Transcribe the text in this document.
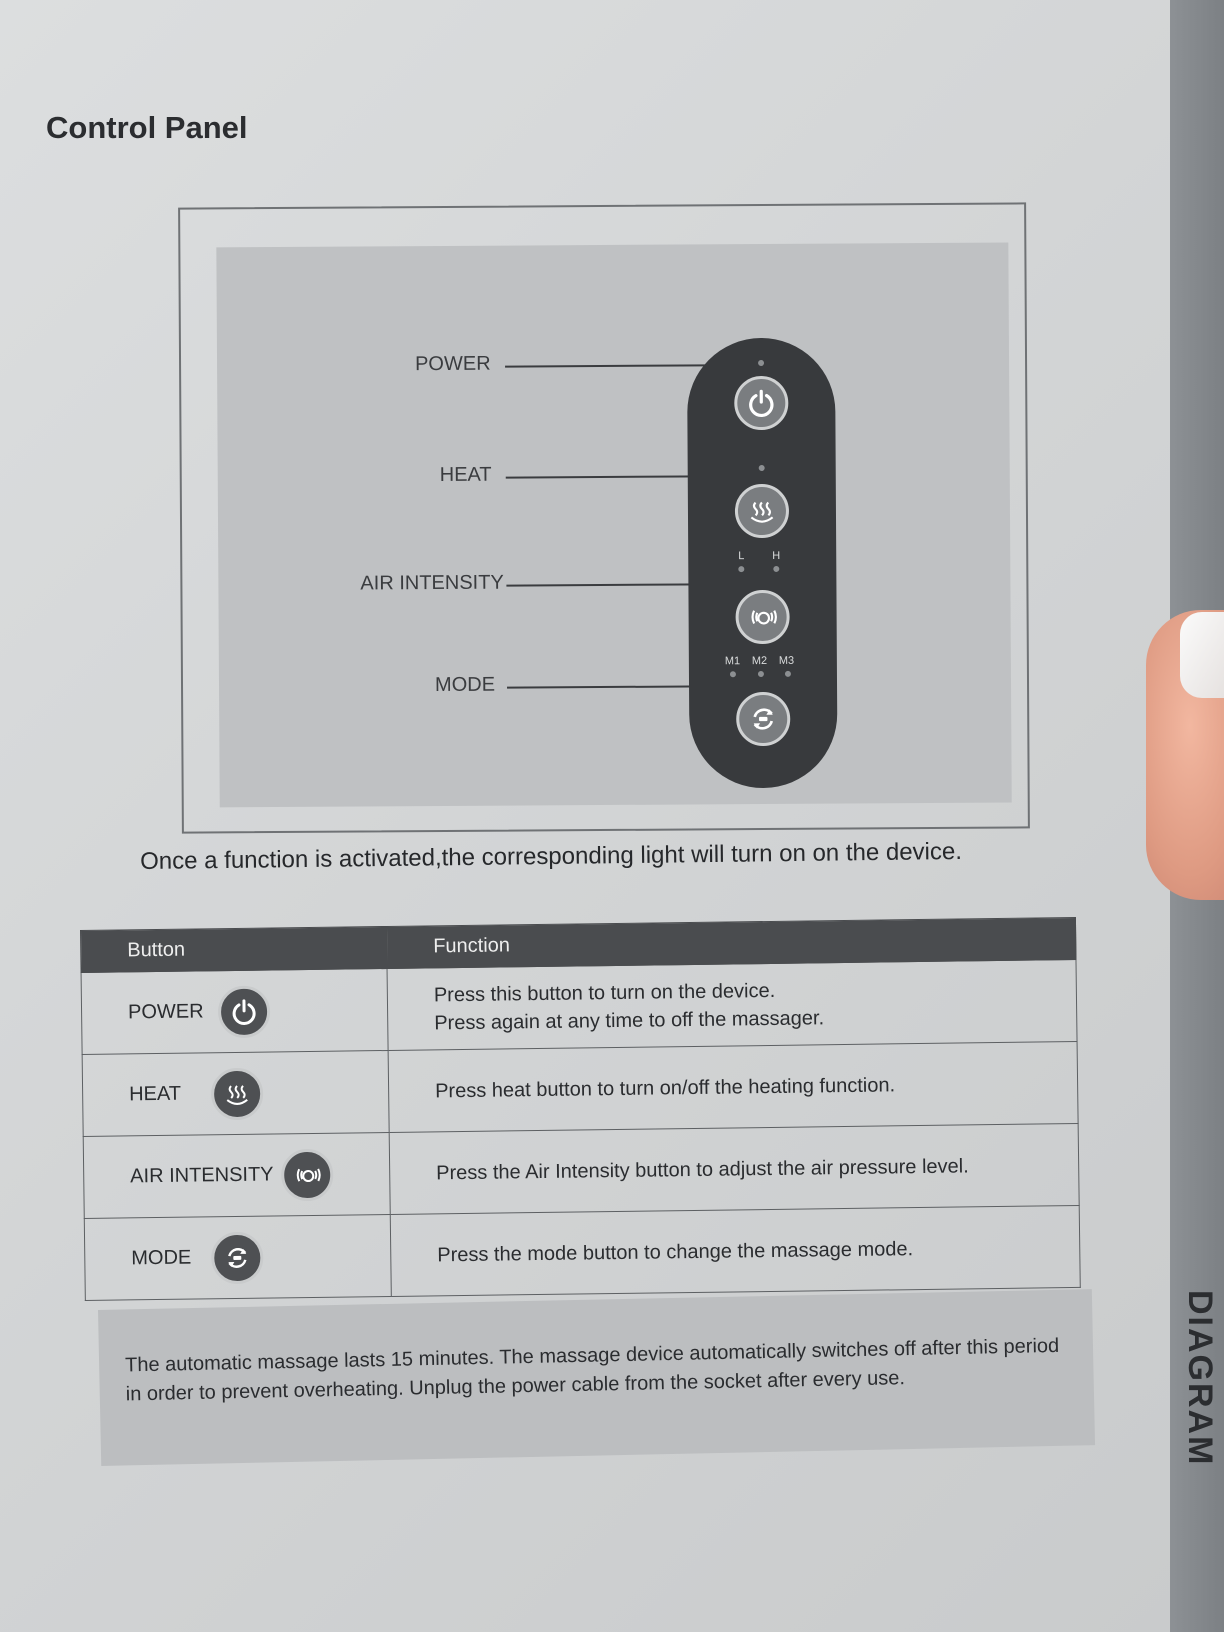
Control Panel
POWER
HEAT
AIR INTENSITY
MODE
L	H
M1 M2 M3
Once a function is activated,the corresponding light will turn on on the device.
Button	Function

POWER	Press this button to turn on the device.
Press again at any time to off the massager.

HEAT	Press heat button to turn on/off the heating function.

AIR INTENSITY	Press the Air Intensity button to adjust the air pressure level.

MODE	Press the mode button to change the massage mode.
The automatic massage lasts 15 minutes. The massage device automatically switches off after this period in order to prevent overheating. Unplug the power cable from the socket after every use.	DIAGRAM
